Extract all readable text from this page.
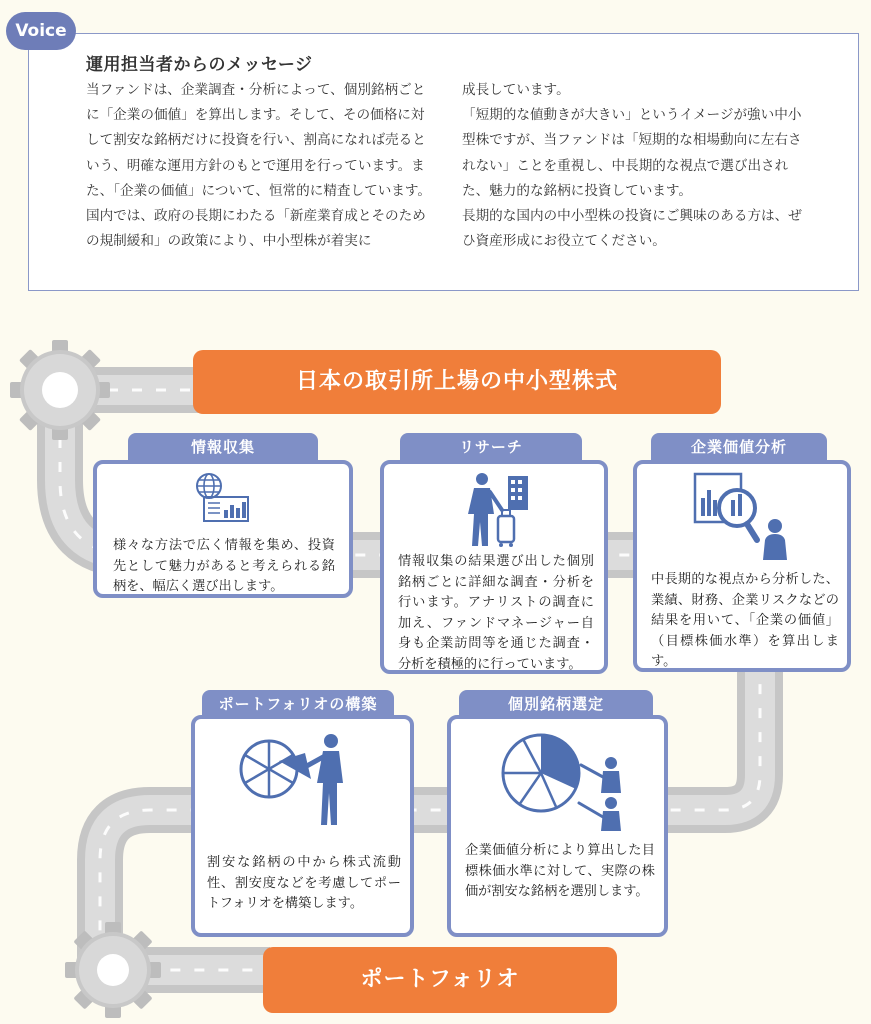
Voice
運用担当者からのメッセージ

当ファンドは、企業調査・分析によって、個別銘柄ごとに「企業の価値」を算出します。そして、その価格に対して割安な銘柄だけに投資を行い、割高になれば売るという、明確な運用方針のもとで運用を行っています。また、「企業の価値」について、恒常的に精査しています。

国内では、政府の長期にわたる「新産業育成とそのための規制緩和」の政策により、中小型株が着実に

成長しています。

「短期的な値動きが大きい」というイメージが強い中小型株ですが、当ファンドは「短期的な相場動向に左右されない」ことを重視し、中長期的な視点で選び出された、魅力的な銘柄に投資しています。

長期的な国内の中小型株の投資にご興味のある方は、ぜひ資産形成にお役立てください。

日本の取引所上場の中小型株式
情報収集

様々な方法で広く情報を集め、投資先として魅力があると考えられる銘柄を、幅広く選び出します。

リサーチ

情報収集の結果選び出した個別銘柄ごとに詳細な調査・分析を行います。アナリストの調査に加え、ファンドマネージャー自身も企業訪問等を通じた調査・分析を積極的に行っています。

企業価値分析

中長期的な視点から分析した、業績、財務、企業リスクなどの結果を用いて、「企業の価値」（目標株価水準）を算出します。

ポートフォリオの構築

割安な銘柄の中から株式流動性、割安度などを考慮してポートフォリオを構築します。

個別銘柄選定

企業価値分析により算出した目標株価水準に対して、実際の株価が割安な銘柄を選別します。

ポートフォリオ
